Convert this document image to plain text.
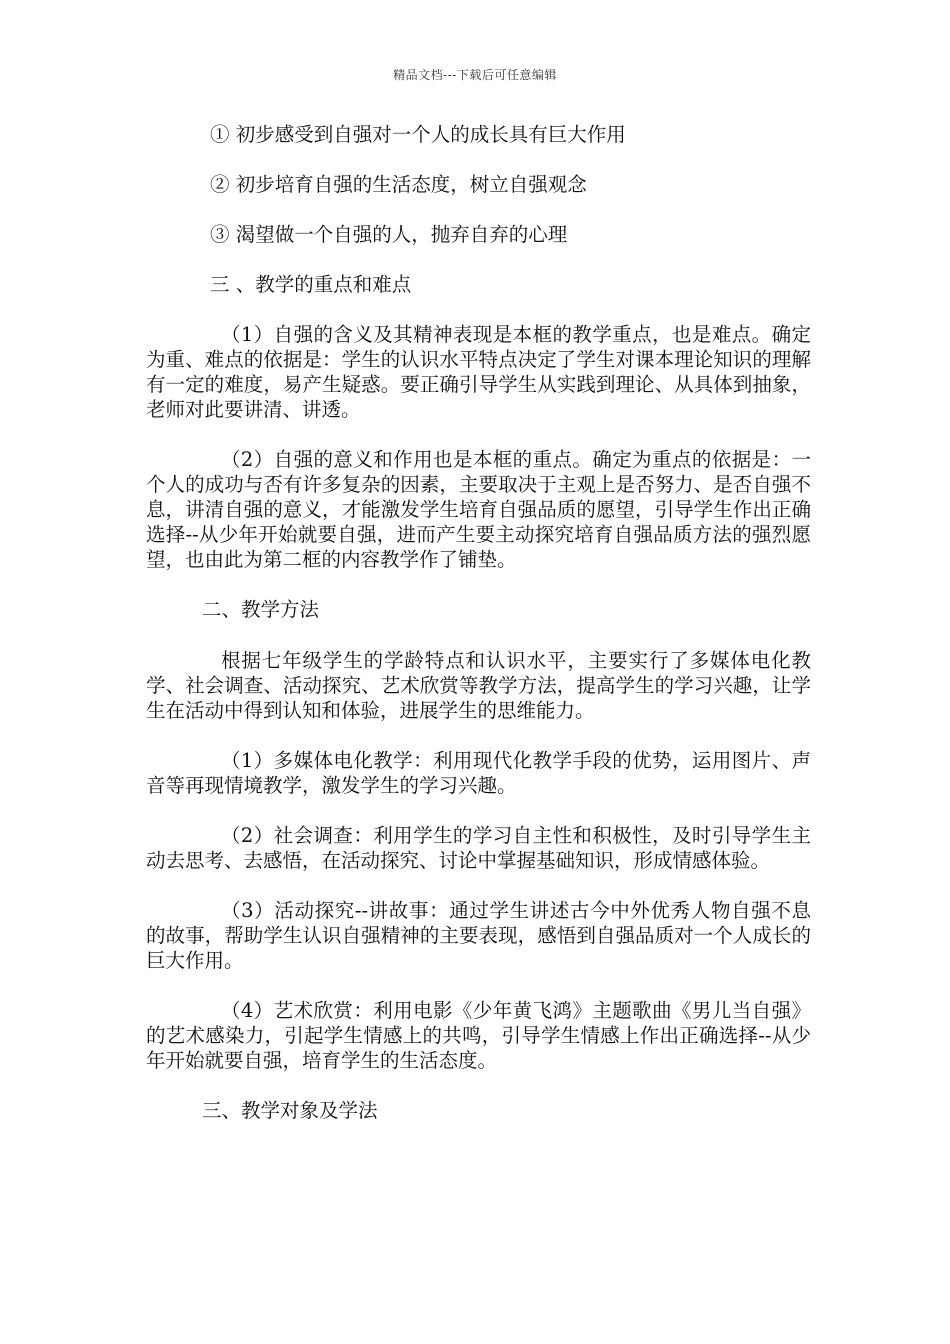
精品文档---下载后可任意编辑

① 初步感受到自强对一个人的成长具有巨大作用

② 初步培育自强的生活态度，树立自强观念

③ 渴望做一个自强的人，抛弃自弃的心理

三 、教学的重点和难点

（1）自强的含义及其精神表现是本框的教学重点，也是难点。确定为重、难点的依据是：学生的认识水平特点决定了学生对课本理论知识的理解有一定的难度，易产生疑惑。要正确引导学生从实践到理论、从具体到抽象，老师对此要讲清、讲透。

（2）自强的意义和作用也是本框的重点。确定为重点的依据是：一个人的成功与否有许多复杂的因素，主要取决于主观上是否努力、是否自强不息，讲清自强的意义，才能激发学生培育自强品质的愿望，引导学生作出正确选择--从少年开始就要自强，进而产生要主动探究培育自强品质方法的强烈愿望，也由此为第二框的内容教学作了铺垫。

二、教学方法

根据七年级学生的学龄特点和认识水平，主要实行了多媒体电化教学、社会调查、活动探究、艺术欣赏等教学方法，提高学生的学习兴趣，让学生在活动中得到认知和体验，进展学生的思维能力。

（1）多媒体电化教学：利用现代化教学手段的优势，运用图片、声音等再现情境教学，激发学生的学习兴趣。

（2）社会调查：利用学生的学习自主性和积极性，及时引导学生主动去思考、去感悟，在活动探究、讨论中掌握基础知识，形成情感体验。

（3）活动探究--讲故事：通过学生讲述古今中外优秀人物自强不息的故事，帮助学生认识自强精神的主要表现，感悟到自强品质对一个人成长的巨大作用。

（4）艺术欣赏：利用电影《少年黄飞鸿》主题歌曲《男儿当自强》的艺术感染力，引起学生情感上的共鸣，引导学生情感上作出正确选择--从少年开始就要自强，培育学生的生活态度。

三、教学对象及学法
